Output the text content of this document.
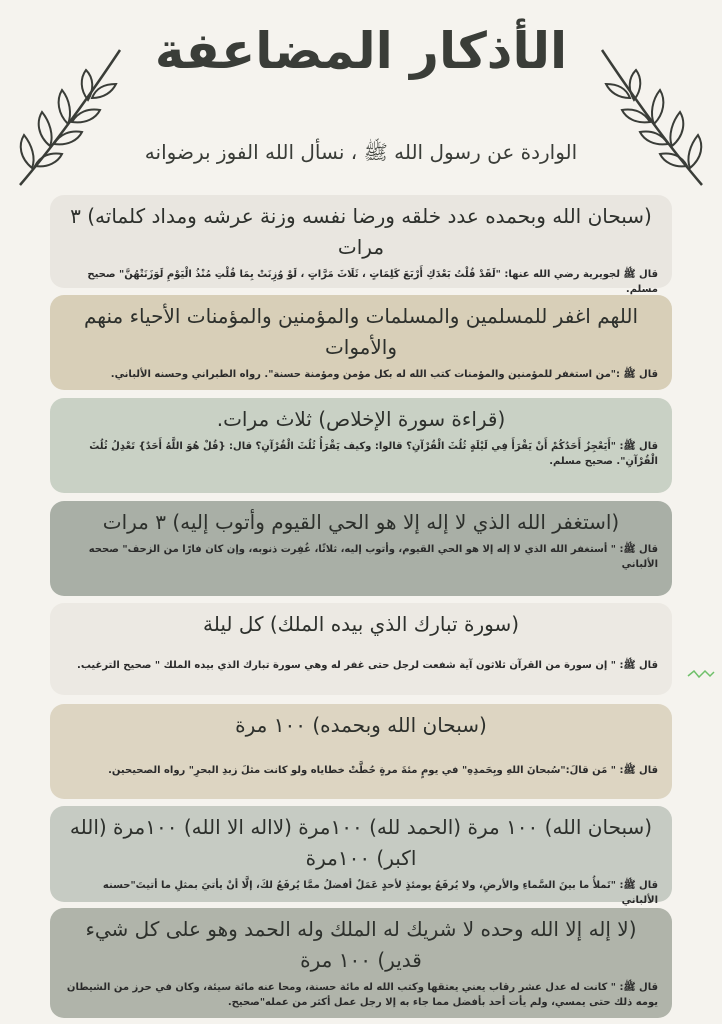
الأذكار المضاعفة
الواردة عن رسول الله ﷺ ، نسأل الله الفوز برضوانه
(سبحان الله وبحمده عدد خلقه ورضا نفسه وزنة عرشه ومداد كلماته) ٣ مرات
قال ﷺ لجويرية رضي الله عنها: "لَقَدْ قُلْتُ بَعْدَكِ أَرْبَعَ كَلِمَاتٍ ، ثَلَاثَ مَرَّاتٍ ، لَوْ وُزِنَتْ بِمَا قُلْتِ مُنْذُ الْيَوْمِ لَوَزَنَتْهُنَّ" صحيح مسلم.
اللهم اغفر للمسلمين والمسلمات والمؤمنين والمؤمنات الأحياء منهم والأموات
قال ﷺ :"من استغفر للمؤمنين والمؤمنات كتب الله له بكل مؤمن ومؤمنة حسنة". رواه الطبراني وحسنه الألباني.
(قراءة سورة الإخلاص) ثلاث مرات.
قال ﷺ: "أَيَعْجِزُ أَحَدُكُمْ أَنْ يَقْرَأَ فِي لَيْلَةٍ ثُلُثَ الْقُرْآنِ؟ قالوا: وكيف يَقْرَأُ ثُلُثَ الْقُرْآنِ؟ قال: {قُلْ هُوَ اللَّهُ أَحَدٌ} تَعْدِلُ ثُلُثَ الْقُرْآنِ". صحيح مسلم.
(استغفر الله الذي لا إله إلا هو الحي القيوم وأتوب إليه) ٣ مرات
قال ﷺ: " أستغفر الله الذي لا إله إلا هو الحي القيوم، وأتوب إليه، ثلاثًا، غُفِرت ذنوبه، وإن كان فارًا من الزحف" صححه الألباني
(سورة تبارك الذي بيده الملك) كل ليلة
قال ﷺ: " إن سورة من القرآن ثلاثون آية شفعت لرجل حتى غفر له وهي سورة تبارك الذي بيده الملك " صحيح الترغيب.
(سبحان الله وبحمده) ١٠٠ مرة
قال ﷺ: " مَن قالَ:"سُبحانَ اللهِ وبِحَمدِهِ" في يومٍ مئةَ مرةٍ حُطَّتْ خطاياه ولو كانت مثلَ زبدِ البحرِ" رواه الصحيحين.
(سبحان الله) ١٠٠ مرة (الحمد لله) ١٠٠مرة (لااله الا الله) ١٠٠مرة (الله اكبر) ١٠٠مرة
قال ﷺ: "تَملأُ ما بينَ السَّماءِ والأرضِ، ولا يُرفَعُ يومئذٍ لأحدٍ عَمَلٌ أفضلُ ممَّا يُرفَعُ لكَ، إلَّا أنْ يأتيَ بمثلِ ما أتيتَ"حسنه الألباني
(لا إله إلا الله وحده لا شريك له الملك وله الحمد وهو على كل شيء قدير) ١٠٠ مرة
قال ﷺ: " كانت له عدل عشر رقاب يعني يعتقها وكتب الله له مائة حسنة، ومحا عنه مائة سيئة، وكان في حرز من الشيطان يومه ذلك حتى يمسي، ولم يأت أحد بأفضل مما جاء به إلا رجل عمل أكثر من عمله"صحيح.
